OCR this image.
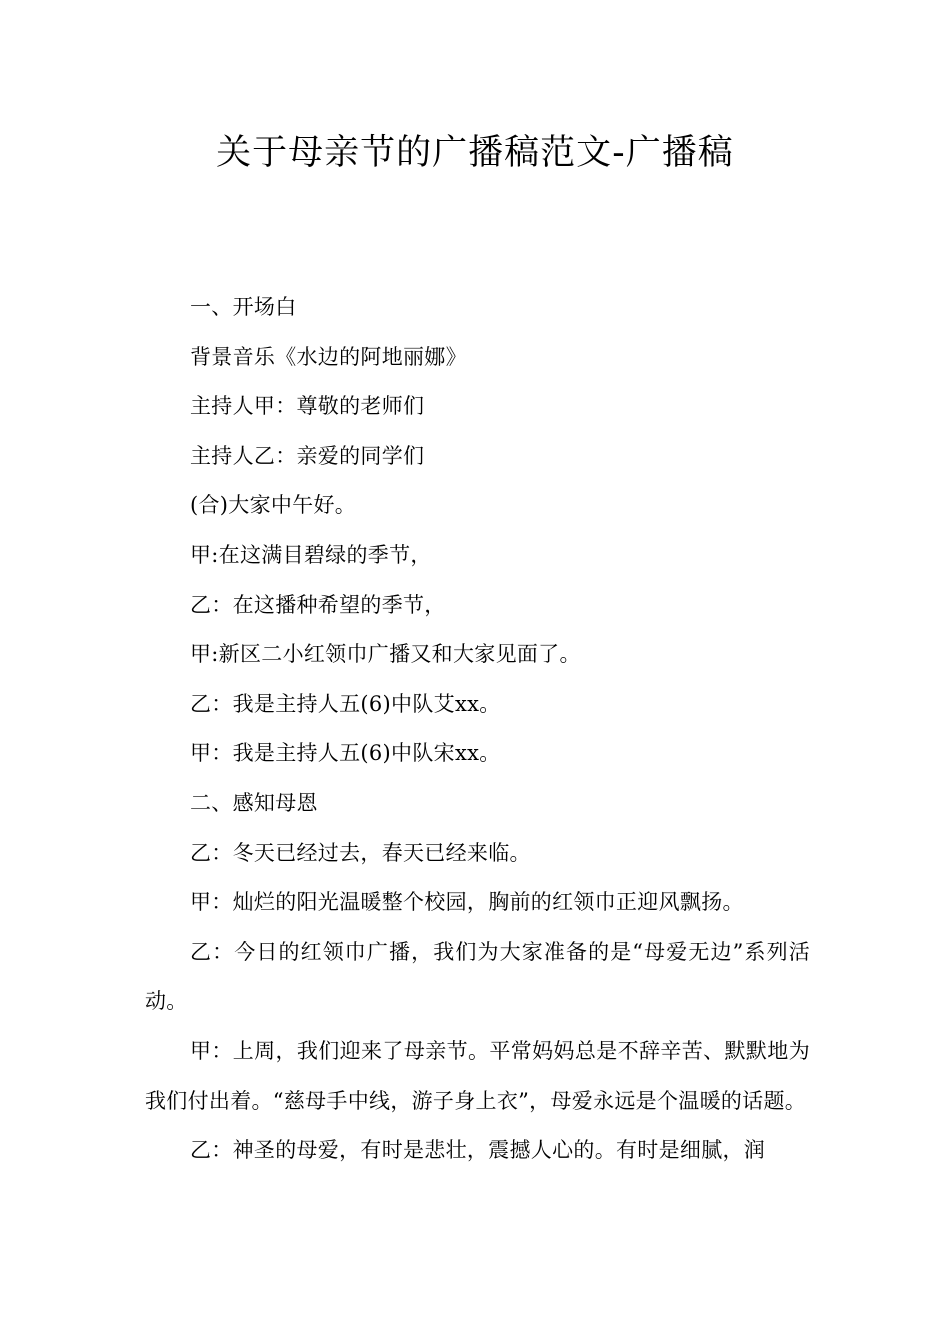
关于母亲节的广播稿范文-广播稿

一、开场白

背景音乐《水边的阿地丽娜》

主持人甲：尊敬的老师们

主持人乙：亲爱的同学们

(合)大家中午好。

甲:在这满目碧绿的季节，

乙：在这播种希望的季节，

甲:新区二小红领巾广播又和大家见面了。

乙：我是主持人五(6)中队艾xx。

甲：我是主持人五(6)中队宋xx。

二、感知母恩

乙：冬天已经过去，春天已经来临。

甲：灿烂的阳光温暖整个校园，胸前的红领巾正迎风飘扬。

乙：今日的红领巾广播，我们为大家准备的是“母爱无边”系列活动。

甲：上周，我们迎来了母亲节。平常妈妈总是不辞辛苦、默默地为我们付出着。“慈母手中线，游子身上衣”，母爱永远是个温暖的话题。

乙：神圣的母爱，有时是悲壮，震撼人心的。有时是细腻，润
